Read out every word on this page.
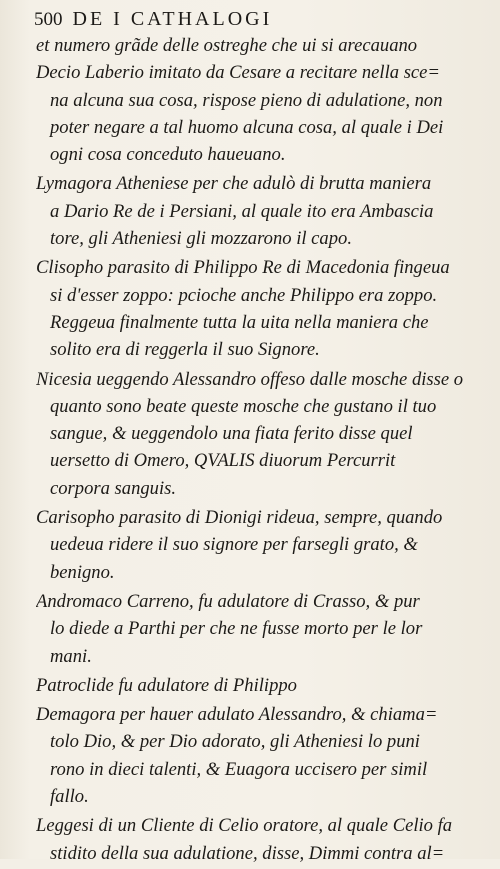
500 DE I CATHALOGI
et numero grãde delle ostreghe che ui si arecauano
Decio Laberio imitato da Cesare a recitare nella sce=
na alcuna sua cosa, rispose pieno di adulatione, non
poter negare a tal huomo alcuna cosa, al quale i Dei
ogni cosa conceduto haueuano.
Lymagora Atheniese per che adulò di brutta maniera
a Dario Re de i Persiani, al quale ito era Ambascia
tore, gli Atheniesi gli mozzarono il capo.
Clisopho parasito di Philippo Re di Macedonia fingeua
si d'esser zoppo: pcioche anche Philippo era zoppo.
Reggeua finalmente tutta la uita nella maniera che
solito era di reggerla il suo Signore.
Nicesia ueggendo Alessandro offeso dalle mosche disse o
quanto sono beate queste mosche che gustano il tuo
sangue, & ueggendolo una fiata ferito disse quel
uersetto di Omero, QVALIS diuorum Percurrit
corpora sanguis.
Carisopho parasito di Dionigi rideua, sempre, quando
uedeua ridere il suo signore per farsegli grato, &
benigno.
Andromaco Carreno, fu adulatore di Crasso, & pur
lo diede a Parthi per che ne fusse morto per le lor
mani.
Patroclide fu adulatore di Philippo
Demagora per hauer adulato Alessandro, & chiama=
tolo Dio, & per Dio adorato, gli Atheniesi lo puni
rono in dieci talenti, & Euagora uccisero per simil
fallo.
Leggesi di un Cliente di Celio oratore, al quale Celio fa
stidito della sua adulatione, disse, Dimmi contra al=
